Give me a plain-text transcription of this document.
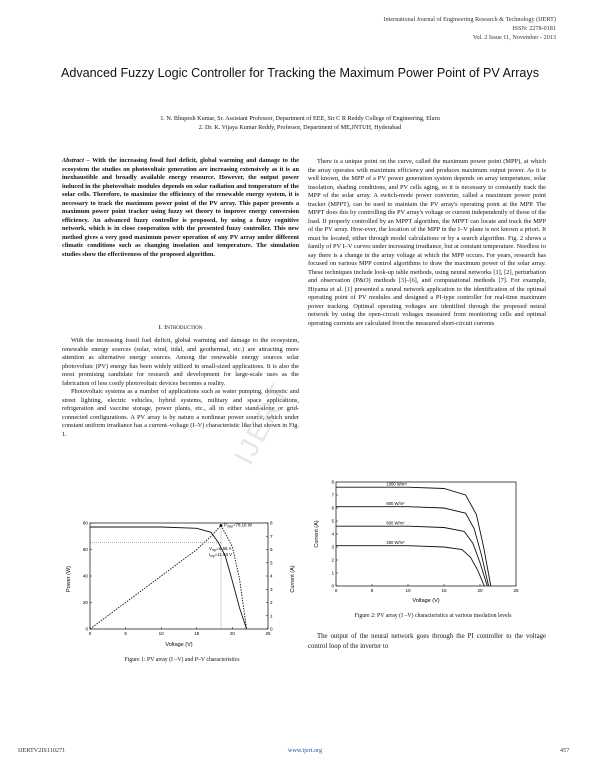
International Journal of Engineering Research & Technology (IJERT)
ISSN: 2278-0181
Vol. 2 Issue 11, November - 2013
Advanced Fuzzy Logic Controller for Tracking the Maximum Power Point of PV Arrays
1. N. Bhupesh Kumar, Sr. Assistant Professor, Department of EEE, Sir C R Reddy College of Engineering, Eluru
2. Dr. K. Vijaya Kumar Reddy, Professor, Department of ME,JNTUH, Hyderabad

Abstract – With the increasing fossil fuel deficit, global warming and damage to the ecosystem the studies on photovoltaic generation are increasing extensively as it is an inexhaustible and broadly available energy resource. However, the output power induced in the photovoltaic modules depends on solar radiation and temperature of the solar cells. Therefore, to maximize the efficiency of the renewable energy system, it is necessary to track the maximum power point of the PV array. This paper presents a maximum power point tracker using fuzzy set theory to improve energy conversion efficiency. An advanced fuzzy controller is proposed, by using a fuzzy cognitive network, which is in close cooperation with the presented fuzzy controller. This new method gives a very good maximum power operation of any PV array under different climatic conditions such as changing insolation and temperature. The simulation studies show the effectiveness of the proposed algorithm.

I. Introduction

With the increasing fossil fuel deficit, global warming and damage to the ecosystem, renewable energy sources (solar, wind, tidal, and geothermal, etc.) are attracting more attention as alternative energy sources. Among the renewable energy sources solar photovoltaic (PV) energy has been widely utilized in small-sized applications. It is also the most promising candidate for research and development for large-scale uses as the fabrication of less costly photovoltaic devices becomes a reality.

Photovoltaic systems as a number of applications such as water pumping, domestic and street lighting, electric vehicles, hybrid systems, military and space applications, refrigeration and vaccine storage, power plants, etc., all in either stand-alone or grid-connected configurations. A PV array is by nature a nonlinear power source, which under constant uniform irradiance has a current–voltage (I–V) characteristic like that shown in Fig. 1.

There is a unique point on the curve, called the maximum power point (MPP), at which the array operates with maximum efficiency and produces maximum output power. As it is well known, the MPP of a PV power generation system depends on array temperature, solar insolation, shading conditions, and PV cells aging, so it is necessary to constantly track the MPP of the solar array. A switch-mode power converter, called a maximum power point tracker (MPPT), can be used to maintain the PV array's operating point at the MPP. The MPPT does this by controlling the PV array's voltage or current independently of those of the load. If properly controlled by an MPPT algorithm, the MPPT can locate and track the MPP of the PV array. How-ever, the location of the MPP in the I–V plane is not known a priori. It must be located, either through model calculations or by a search algorithm. Fig. 2 shows a family of PV I–V curves under increasing irradiance, but at constant temperature. Needless to say there is a change in the array voltage at which the MPP occurs. For years, research has focused on various MPP control algorithms to draw the maximum power of the solar array. These techniques include look-up table methods, using neural networks [1], [2], perturbation and observation (P&O) methods [3]–[6], and computational methods [7]. For example, Hiyama et al. [1] presented a neural network application to the identification of the optimal operating point of PV modules and designed a PI-type controller for real-time maximum power tracking. Optimal operating voltages are identified through the proposed neural network by using the open-circuit voltages measured from monitoring cells and optimal operating currents are calculated from the measured short-circuit currents

0	5	10	15	20	25
0
20
40
60
80
0
1
2
3
4
5
6
7
8
$P_{max}=78.16$ W
$V_{mp}=6.55$ A
$I_{mp}=11.93$ V
Power (W)	Current (A)
Voltage (V)
Figure 1: PV array (I –V) and P–V characteristics
0	5	10	15	20	25
0
1
2
3
4
5
6
7
8	1000 W/m²
800 W/m²
600 W/m²
400 W/m²
Current (A)
Voltage (V)
Figure 2: PV array (I –V) characteristics at various insolation levels

The output of the neural network goes through the PI controller to the voltage control loop of the inverter to

IJERT
IJERTV2IS110271	www.ijert.org	457
